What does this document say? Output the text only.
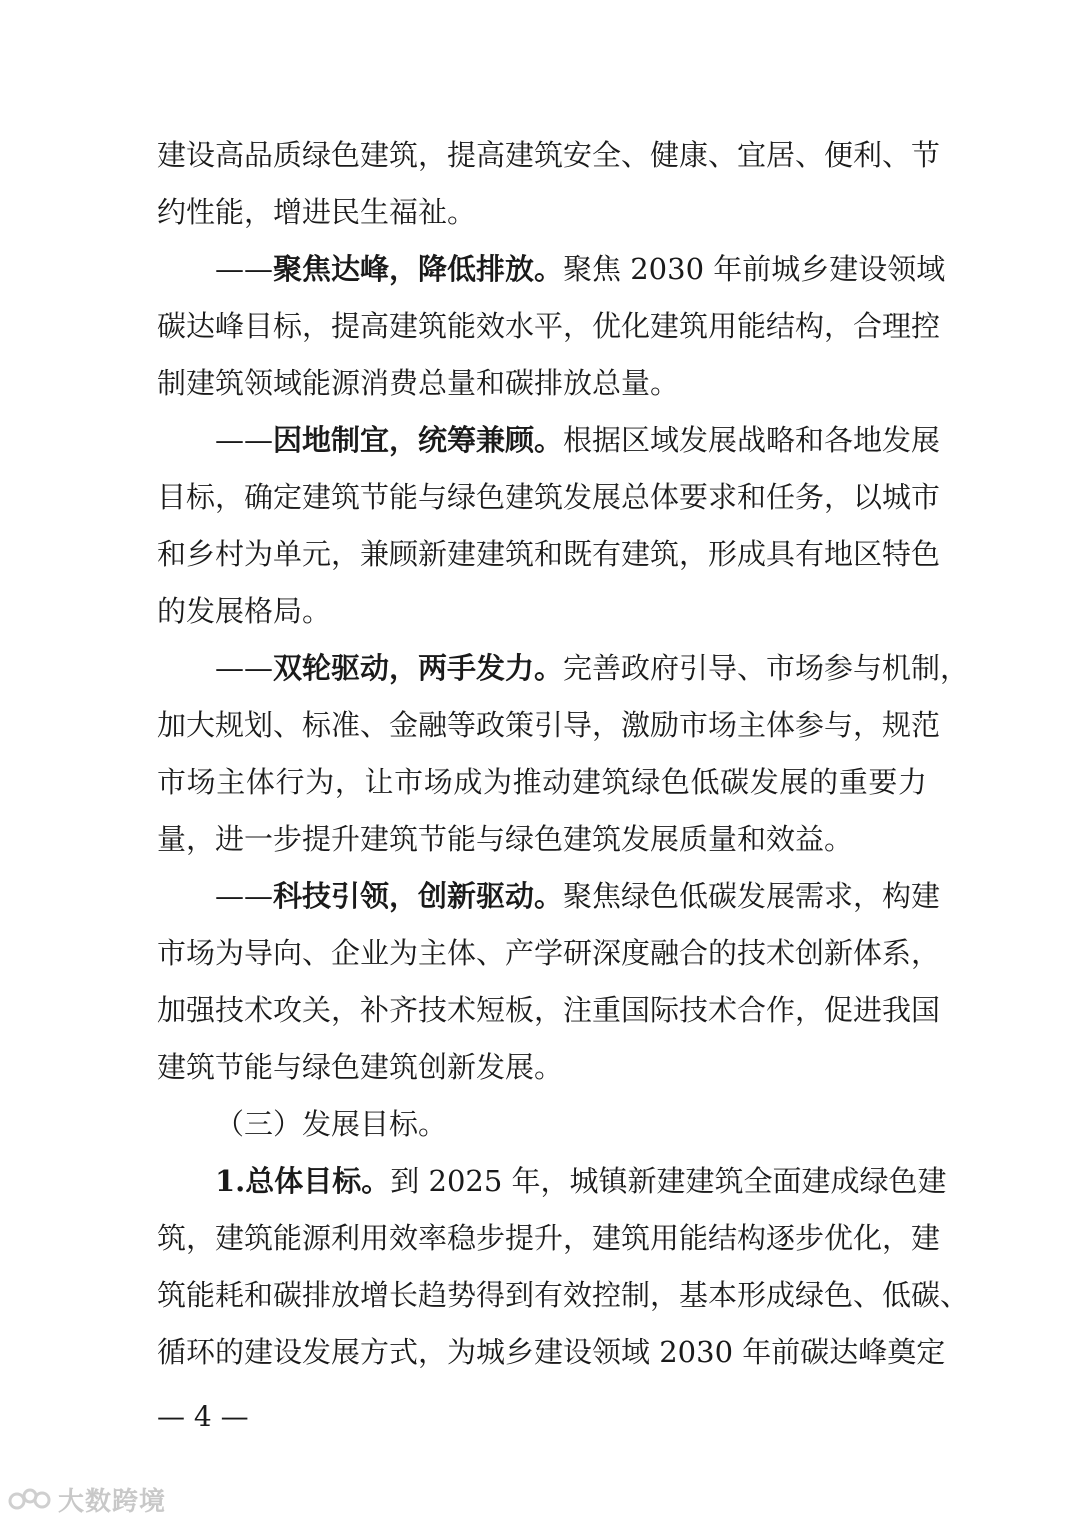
建设高品质绿色建筑，提高建筑安全、健康、宜居、便利、节
约性能，增进民生福祉。
——聚焦达峰，降低排放。聚焦 2030 年前城乡建设领域
碳达峰目标，提高建筑能效水平，优化建筑用能结构，合理控
制建筑领域能源消费总量和碳排放总量。
——因地制宜，统筹兼顾。根据区域发展战略和各地发展
目标，确定建筑节能与绿色建筑发展总体要求和任务，以城市
和乡村为单元，兼顾新建建筑和既有建筑，形成具有地区特色
的发展格局。
——双轮驱动，两手发力。完善政府引导、市场参与机制，
加大规划、标准、金融等政策引导，激励市场主体参与，规范
市场主体行为，让市场成为推动建筑绿色低碳发展的重要力
量，进一步提升建筑节能与绿色建筑发展质量和效益。
——科技引领，创新驱动。聚焦绿色低碳发展需求，构建
市场为导向、企业为主体、产学研深度融合的技术创新体系，
加强技术攻关，补齐技术短板，注重国际技术合作，促进我国
建筑节能与绿色建筑创新发展。
（三）发展目标。
1.总体目标。到 2025 年，城镇新建建筑全面建成绿色建
筑，建筑能源利用效率稳步提升，建筑用能结构逐步优化，建
筑能耗和碳排放增长趋势得到有效控制，基本形成绿色、低碳、
循环的建设发展方式，为城乡建设领域 2030 年前碳达峰奠定
— 4 —
大数跨境
